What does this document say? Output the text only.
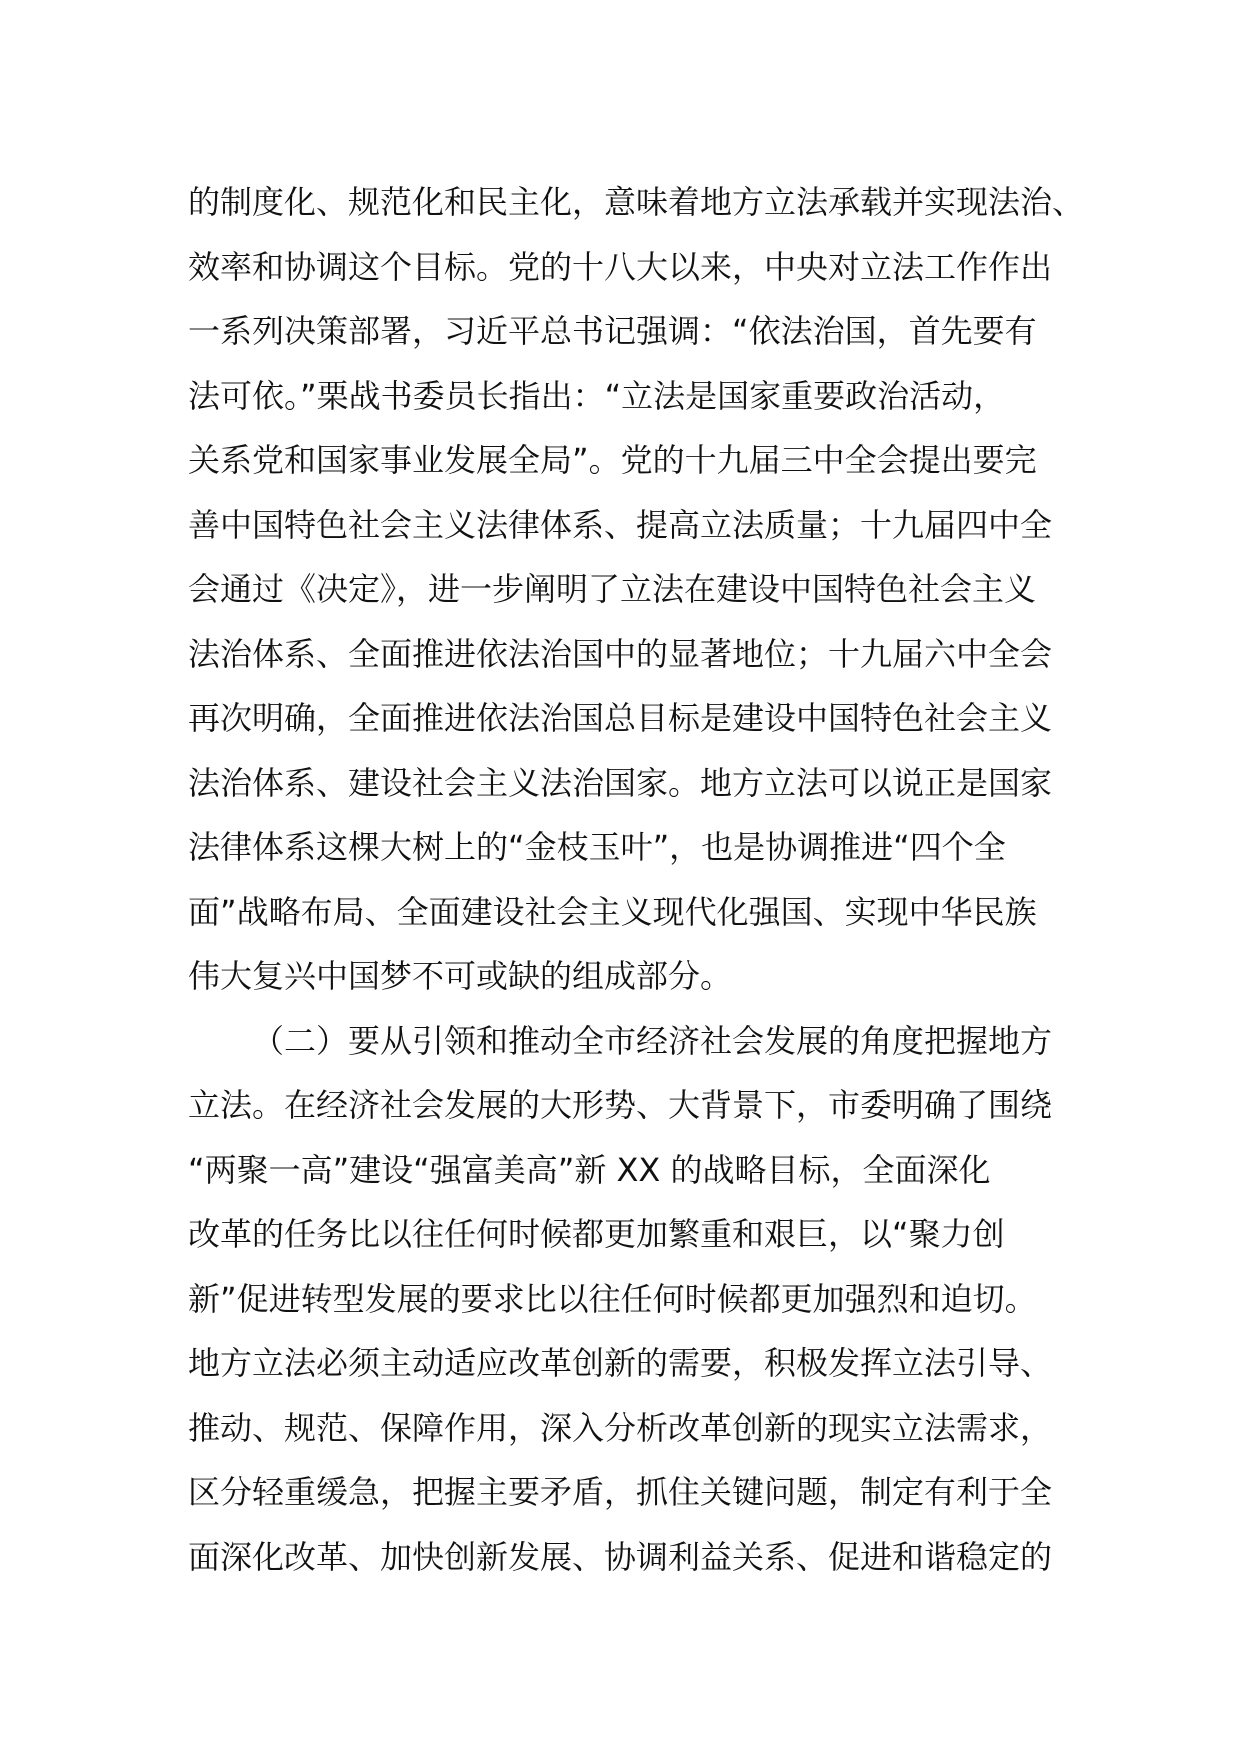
的制度化、规范化和民主化，意味着地方立法承载并实现法治、
效率和协调这个目标。党的十八大以来，中央对立法工作作出
一系列决策部署，习近平总书记强调：“依法治国，首先要有
法可依。”栗战书委员长指出：“立法是国家重要政治活动，
关系党和国家事业发展全局”。党的十九届三中全会提出要完
善中国特色社会主义法律体系、提高立法质量；十九届四中全
会通过《决定》，进一步阐明了立法在建设中国特色社会主义
法治体系、全面推进依法治国中的显著地位；十九届六中全会
再次明确，全面推进依法治国总目标是建设中国特色社会主义
法治体系、建设社会主义法治国家。地方立法可以说正是国家
法律体系这棵大树上的“金枝玉叶”，也是协调推进“四个全
面”战略布局、全面建设社会主义现代化强国、实现中华民族
伟大复兴中国梦不可或缺的组成部分。
（二）要从引领和推动全市经济社会发展的角度把握地方
立法。在经济社会发展的大形势、大背景下，市委明确了围绕
“两聚一高”建设“强富美高”新 XX 的战略目标，全面深化
改革的任务比以往任何时候都更加繁重和艰巨，以“聚力创
新”促进转型发展的要求比以往任何时候都更加强烈和迫切。
地方立法必须主动适应改革创新的需要，积极发挥立法引导、
推动、规范、保障作用，深入分析改革创新的现实立法需求，
区分轻重缓急，把握主要矛盾，抓住关键问题，制定有利于全
面深化改革、加快创新发展、协调利益关系、促进和谐稳定的
